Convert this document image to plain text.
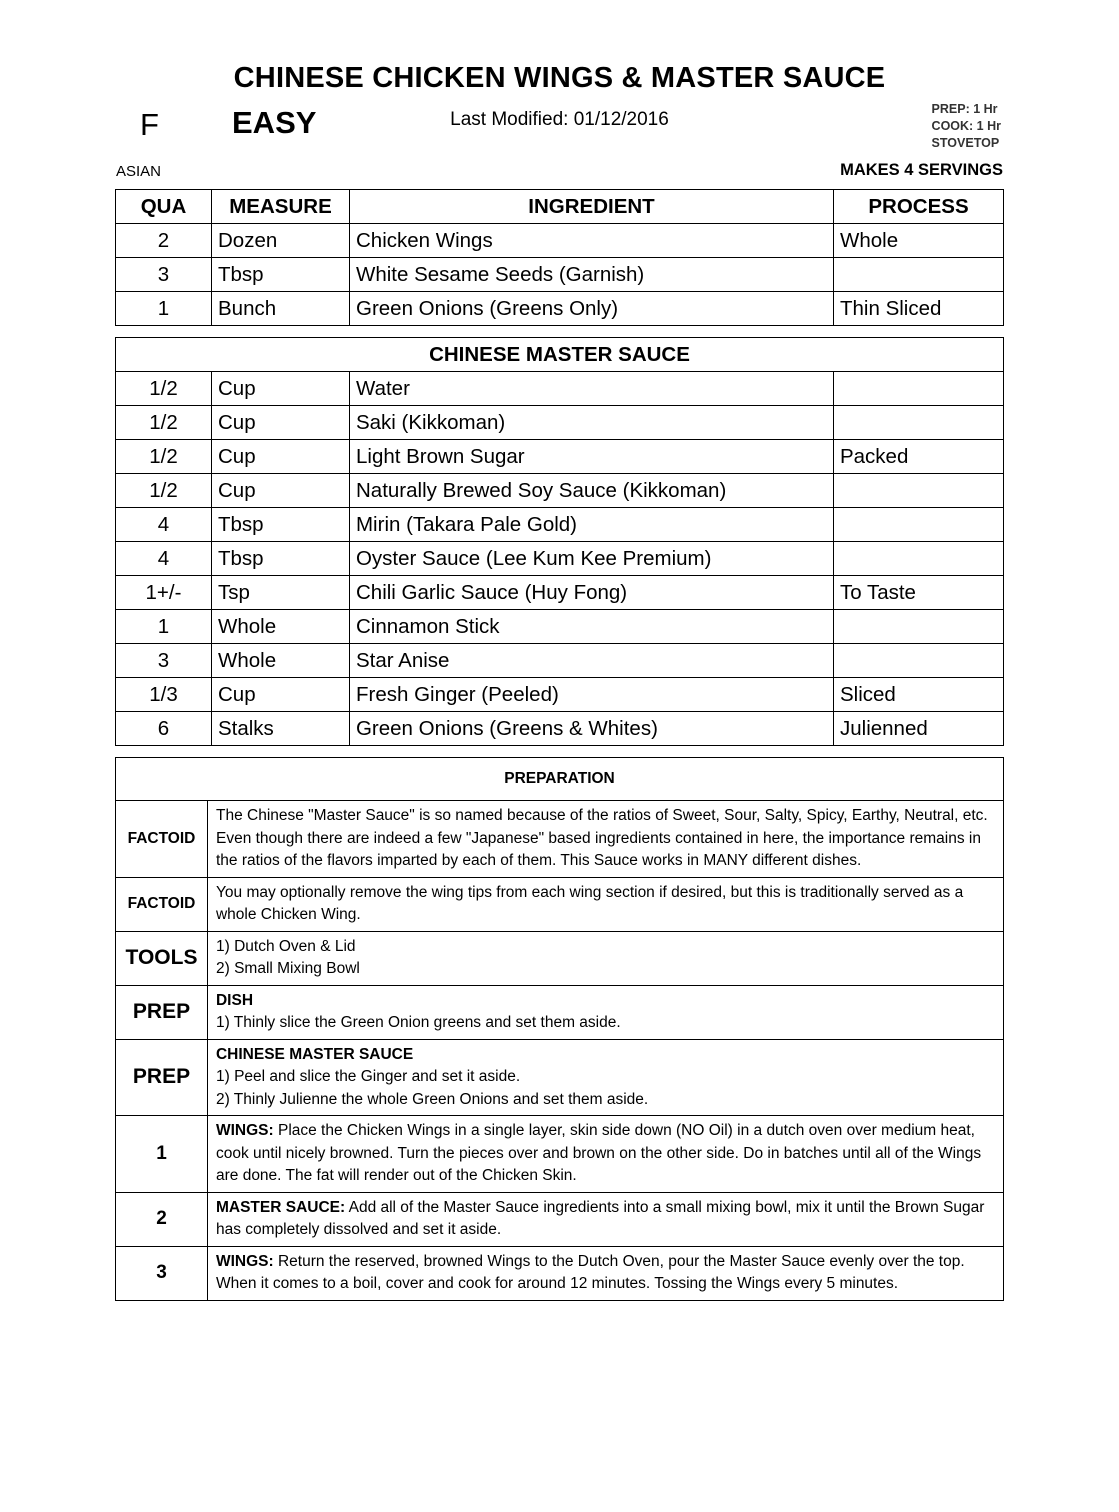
CHINESE CHICKEN WINGS & MASTER SAUCE
F EASY	Last Modified: 01/12/2016	PREP: 1 Hr
COOK: 1 Hr
STOVETOP
ASIAN	MAKES 4 SERVINGS
QUA	MEASURE	INGREDIENT	PROCESS
2	Dozen	Chicken Wings	Whole
3	Tbsp	White Sesame Seeds (Garnish)	
1	Bunch	Green Onions (Greens Only)	Thin Sliced
CHINESE MASTER SAUCE			
1/2	Cup	Water	
1/2	Cup	Saki (Kikkoman)	
1/2	Cup	Light Brown Sugar	Packed
1/2	Cup	Naturally Brewed Soy Sauce (Kikkoman)	
4	Tbsp	Mirin (Takara Pale Gold)	
4	Tbsp	Oyster Sauce (Lee Kum Kee Premium)	
1+/-	Tsp	Chili Garlic Sauce (Huy Fong)	To Taste
1	Whole	Cinnamon Stick	
3	Whole	Star Anise	
1/3	Cup	Fresh Ginger (Peeled)	Sliced
6	Stalks	Green Onions (Greens & Whites)	Julienned
PREPARATION	
FACTOID	The Chinese "Master Sauce" is so named because of the ratios of Sweet, Sour, Salty, Spicy, Earthy, Neutral, etc. Even though there are indeed a few "Japanese" based ingredients contained in here, the importance remains in the ratios of the flavors imparted by each of them. This Sauce works in MANY different dishes.

FACTOID	You may optionally remove the wing tips from each wing section if desired, but this is traditionally served as a whole Chicken Wing.

TOOLS	1) Dutch Oven & Lid
2) Small Mixing Bowl

PREP	DISH
1) Thinly slice the Green Onion greens and set them aside.

PREP	CHINESE MASTER SAUCE
1) Peel and slice the Ginger and set it aside.
2) Thinly Julienne the whole Green Onions and set them aside.

1	WINGS: Place the Chicken Wings in a single layer, skin side down (NO Oil) in a dutch oven over medium heat, cook until nicely browned. Turn the pieces over and brown on the other side. Do in batches until all of the Wings are done. The fat will render out of the Chicken Skin.
2	MASTER SAUCE: Add all of the Master Sauce ingredients into a small mixing bowl, mix it until the Brown Sugar has completely dissolved and set it aside.
3	WINGS: Return the reserved, browned Wings to the Dutch Oven, pour the Master Sauce evenly over the top. When it comes to a boil, cover and cook for around 12 minutes. Tossing the Wings every 5 minutes.
